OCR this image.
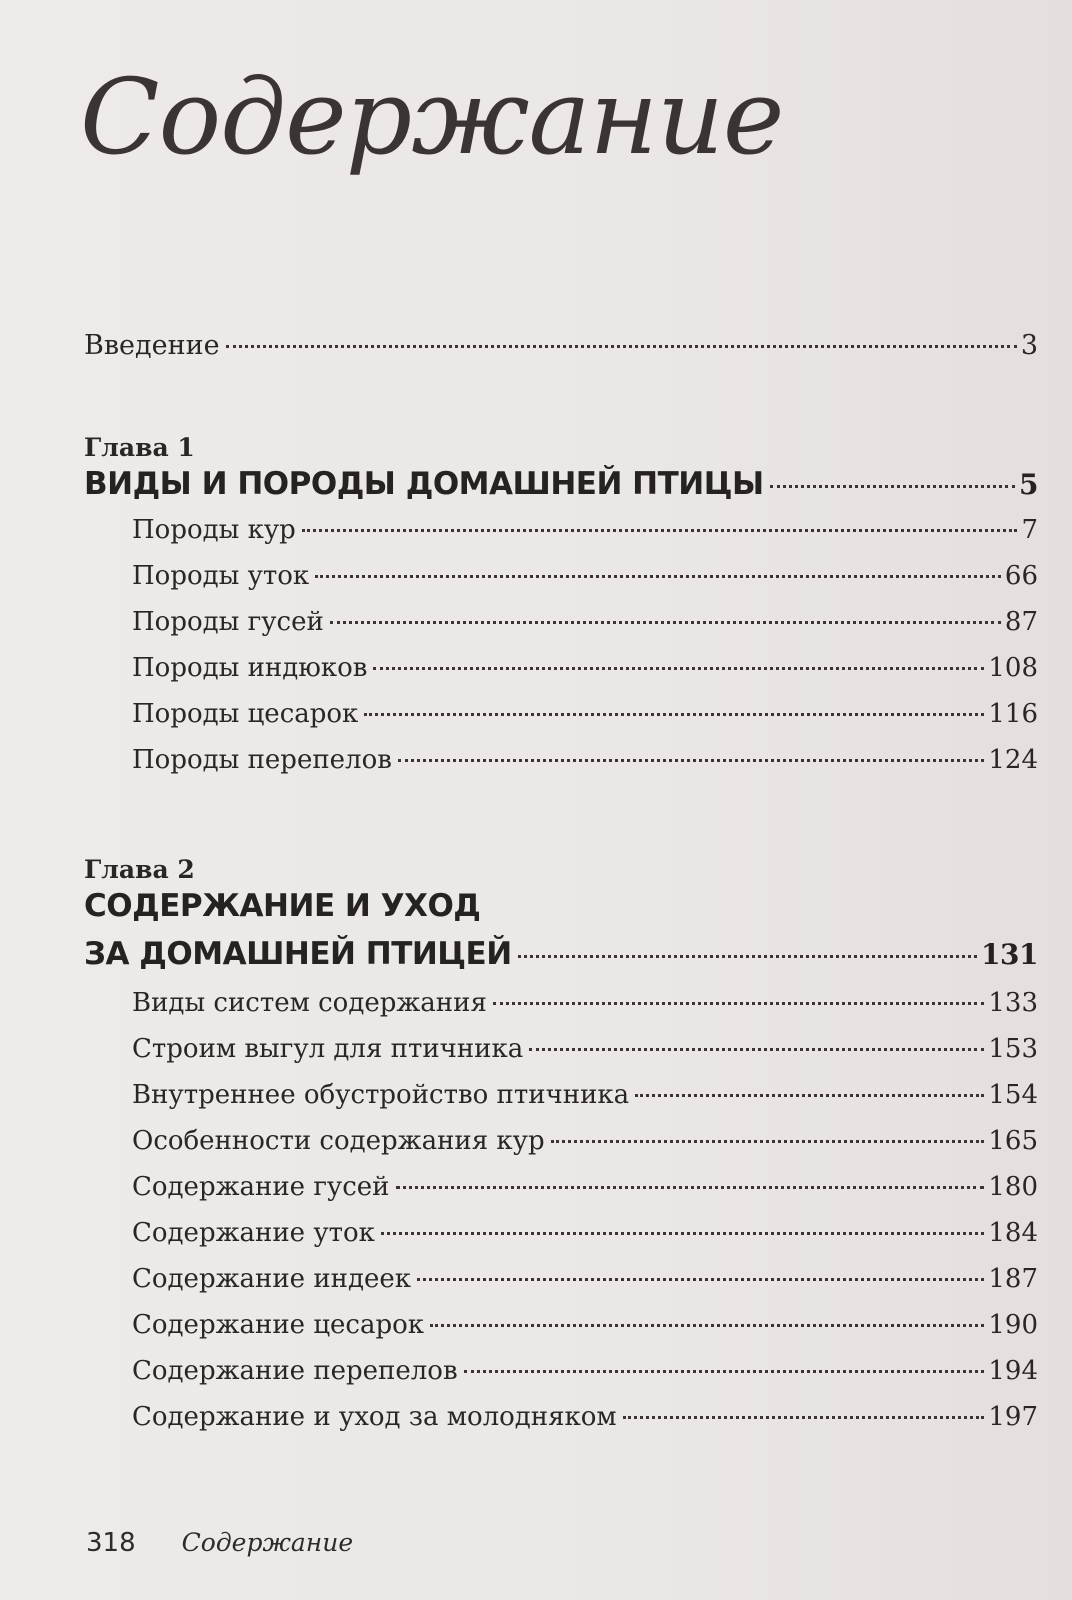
Содержание
Введение	3
Глава 1
ВИДЫ И ПОРОДЫ ДОМАШНЕЙ ПТИЦЫ	5
Породы кур	7
Породы уток	66
Породы гусей	87
Породы индюков	108
Породы цесарок	116
Породы перепелов	124
Глава 2
СОДЕРЖАНИЕ И УХОД
ЗА ДОМАШНЕЙ ПТИЦЕЙ	131
Виды систем содержания	133
Строим выгул для птичника	153
Внутреннее обустройство птичника	154
Особенности содержания кур	165
Содержание гусей	180
Содержание уток	184
Содержание индеек	187
Содержание цесарок	190
Содержание перепелов	194
Содержание и уход за молодняком	197
318 Содержание
